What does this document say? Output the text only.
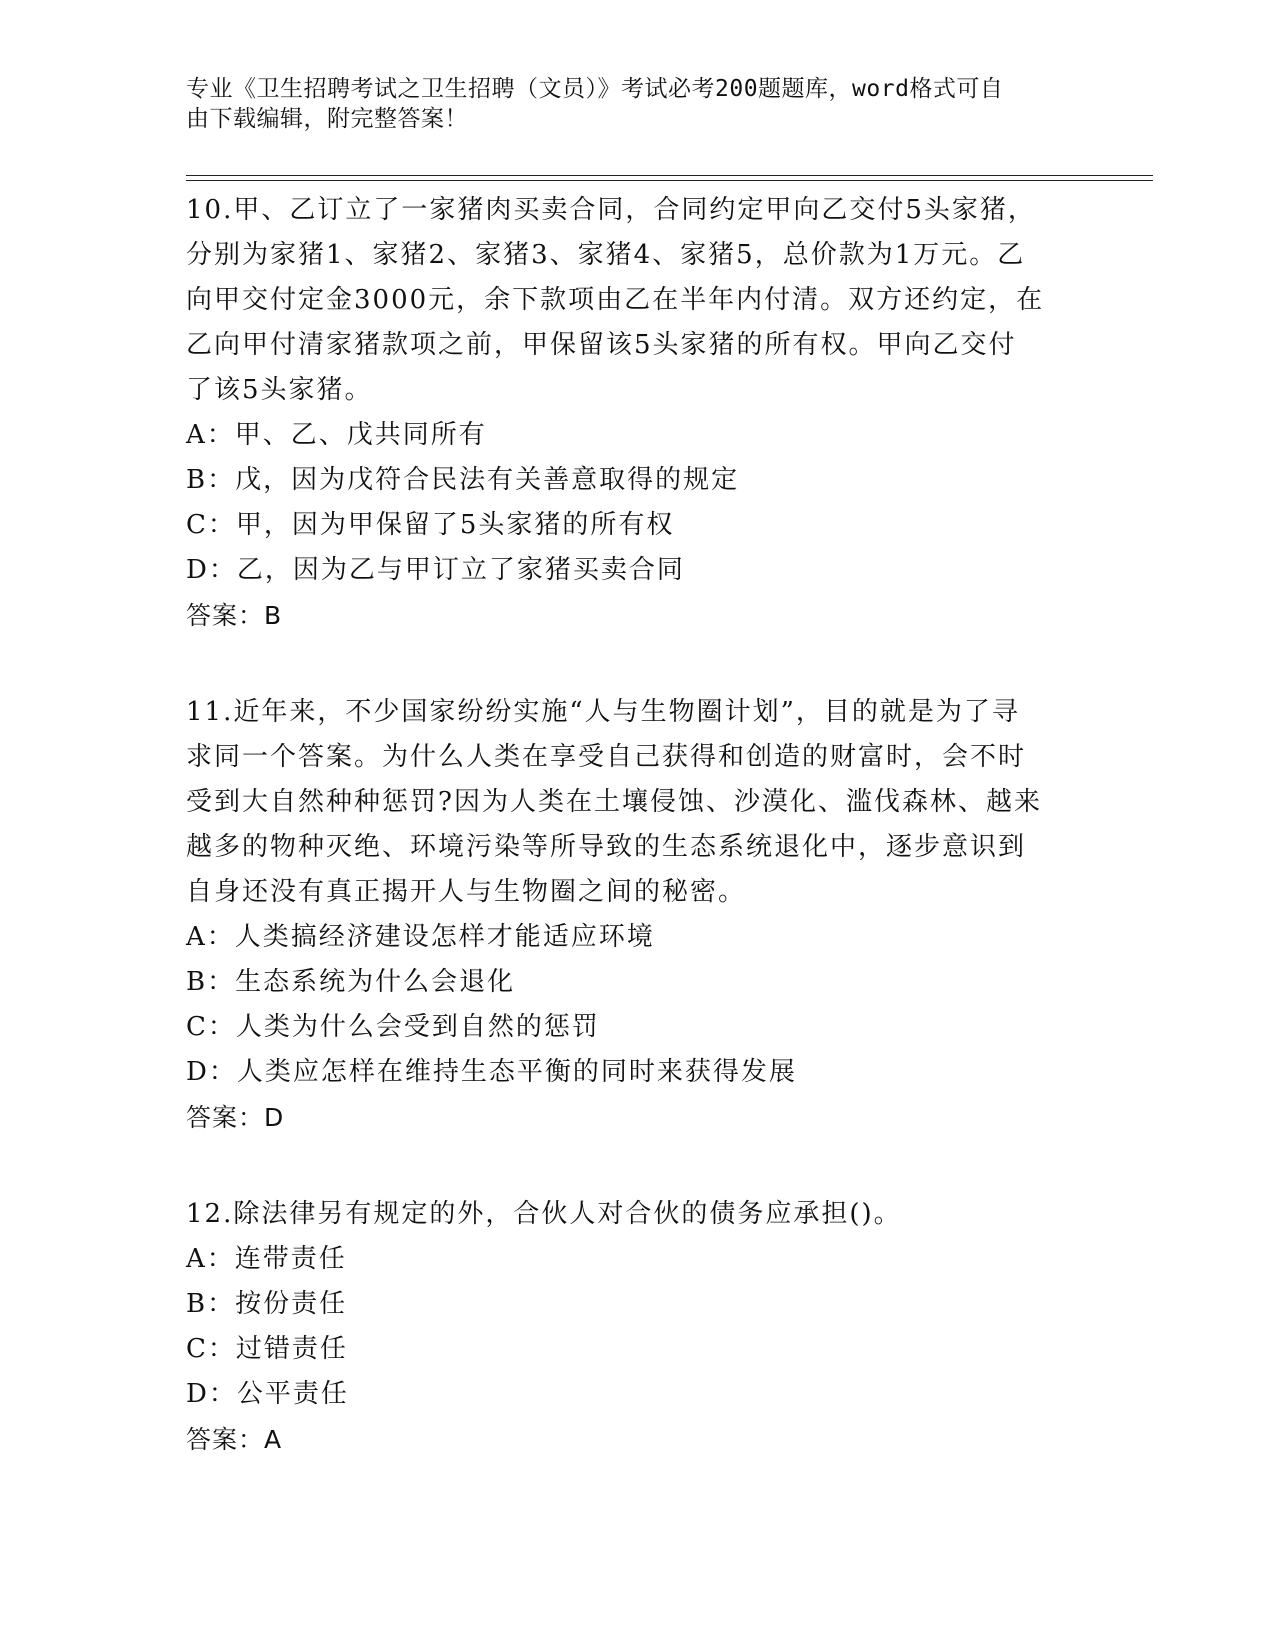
专业《卫生招聘考试之卫生招聘（文员）》考试必考200题题库，word格式可自
由下载编辑，附完整答案！
10.甲、乙订立了一家猪肉买卖合同，合同约定甲向乙交付5头家猪，
分别为家猪1、家猪2、家猪3、家猪4、家猪5，总价款为1万元。乙
向甲交付定金3000元，余下款项由乙在半年内付清。双方还约定，在
乙向甲付清家猪款项之前，甲保留该5头家猪的所有权。甲向乙交付
了该5头家猪。
A：甲、乙、戊共同所有
B：戊，因为戊符合民法有关善意取得的规定
C：甲，因为甲保留了5头家猪的所有权
D：乙，因为乙与甲订立了家猪买卖合同
答案：B
11.近年来，不少国家纷纷实施“人与生物圈计划”，目的就是为了寻
求同一个答案。为什么人类在享受自己获得和创造的财富时，会不时
受到大自然种种惩罚?因为人类在土壤侵蚀、沙漠化、滥伐森林、越来
越多的物种灭绝、环境污染等所导致的生态系统退化中，逐步意识到
自身还没有真正揭开人与生物圈之间的秘密。
A：人类搞经济建设怎样才能适应环境
B：生态系统为什么会退化
C：人类为什么会受到自然的惩罚
D：人类应怎样在维持生态平衡的同时来获得发展
答案：D
12.除法律另有规定的外，合伙人对合伙的债务应承担()。
A：连带责任
B：按份责任
C：过错责任
D：公平责任
答案：A
